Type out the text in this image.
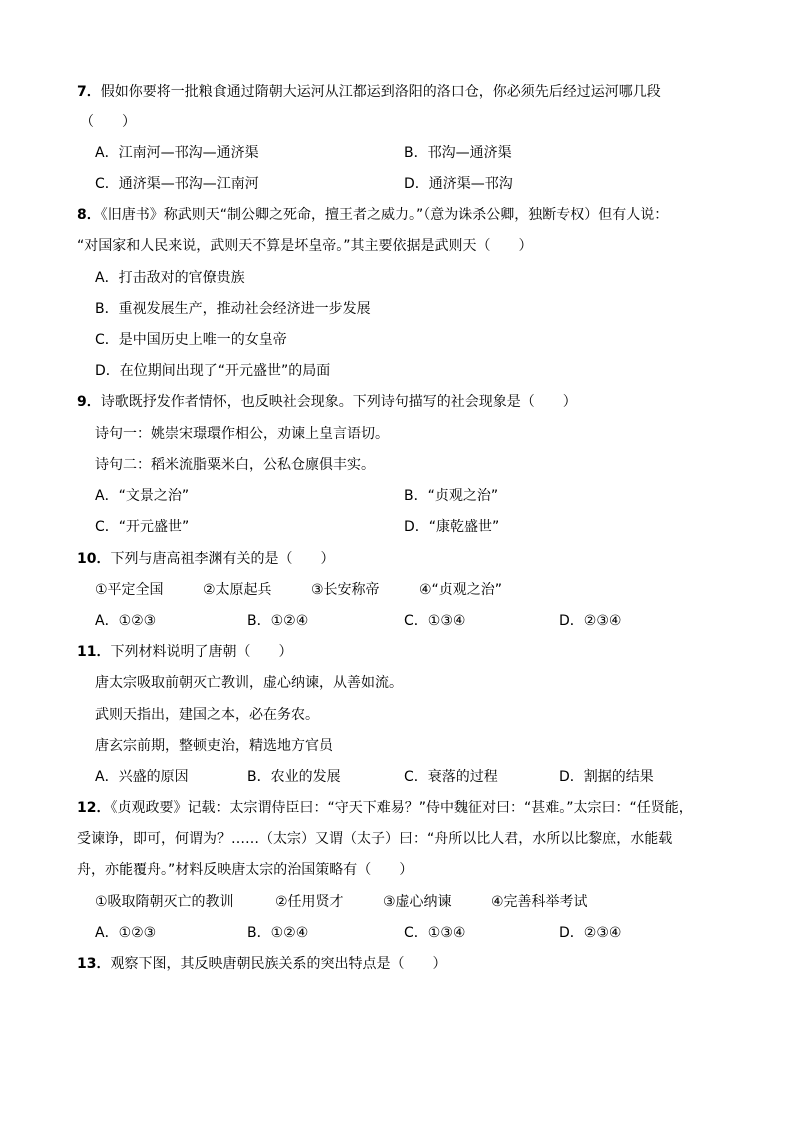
7．假如你要将一批粮食通过隋朝大运河从江都运到洛阳的洛口仓，你必须先后经过运河哪几段
（　　）
A．江南河—邗沟—通济渠	B．邗沟—通济渠
C．通济渠—邗沟—江南河	D．通济渠—邗沟
8．《旧唐书》称武则天“制公卿之死命，擅王者之威力。”（意为诛杀公卿，独断专权）但有人说：
“对国家和人民来说，武则天不算是坏皇帝。”其主要依据是武则天（　　）
A．打击敌对的官僚贵族
B．重视发展生产，推动社会经济进一步发展
C．是中国历史上唯一的女皇帝
D．在位期间出现了“开元盛世”的局面
9．诗歌既抒发作者情怀，也反映社会现象。下列诗句描写的社会现象是（　　）
诗句一：姚崇宋璟環作相公，劝谏上皇言语切。
诗句二：稻米流脂粟米白，公私仓廪俱丰实。
A．“文景之治”	B．“贞观之治”
C．“开元盛世”	D．“康乾盛世”
10．下列与唐高祖李渊有关的是（　　）
①平定全国	②太原起兵	③长安称帝	④“贞观之治”
A．①②③	B．①②④	C．①③④	D．②③④
11．下列材料说明了唐朝（　　）
唐太宗吸取前朝灭亡教训，虚心纳谏，从善如流。
武则天指出，建国之本，必在务农。
唐玄宗前期，整顿吏治，精选地方官员
A．兴盛的原因	B．农业的发展	C．衰落的过程	D．割据的结果
12．《贞观政要》记载：太宗谓侍臣曰：“守天下难易？”侍中魏征对曰：“甚难。”太宗曰：“任贤能，
受谏诤，即可，何谓为？……（太宗）又谓（太子）曰：“舟所以比人君，水所以比黎庶，水能载
舟，亦能覆舟。”材料反映唐太宗的治国策略有（　　）
①吸取隋朝灭亡的教训	②任用贤才	③虚心纳谏	④完善科举考试
A．①②③	B．①②④	C．①③④	D．②③④
13．观察下图，其反映唐朝民族关系的突出特点是（　　）
